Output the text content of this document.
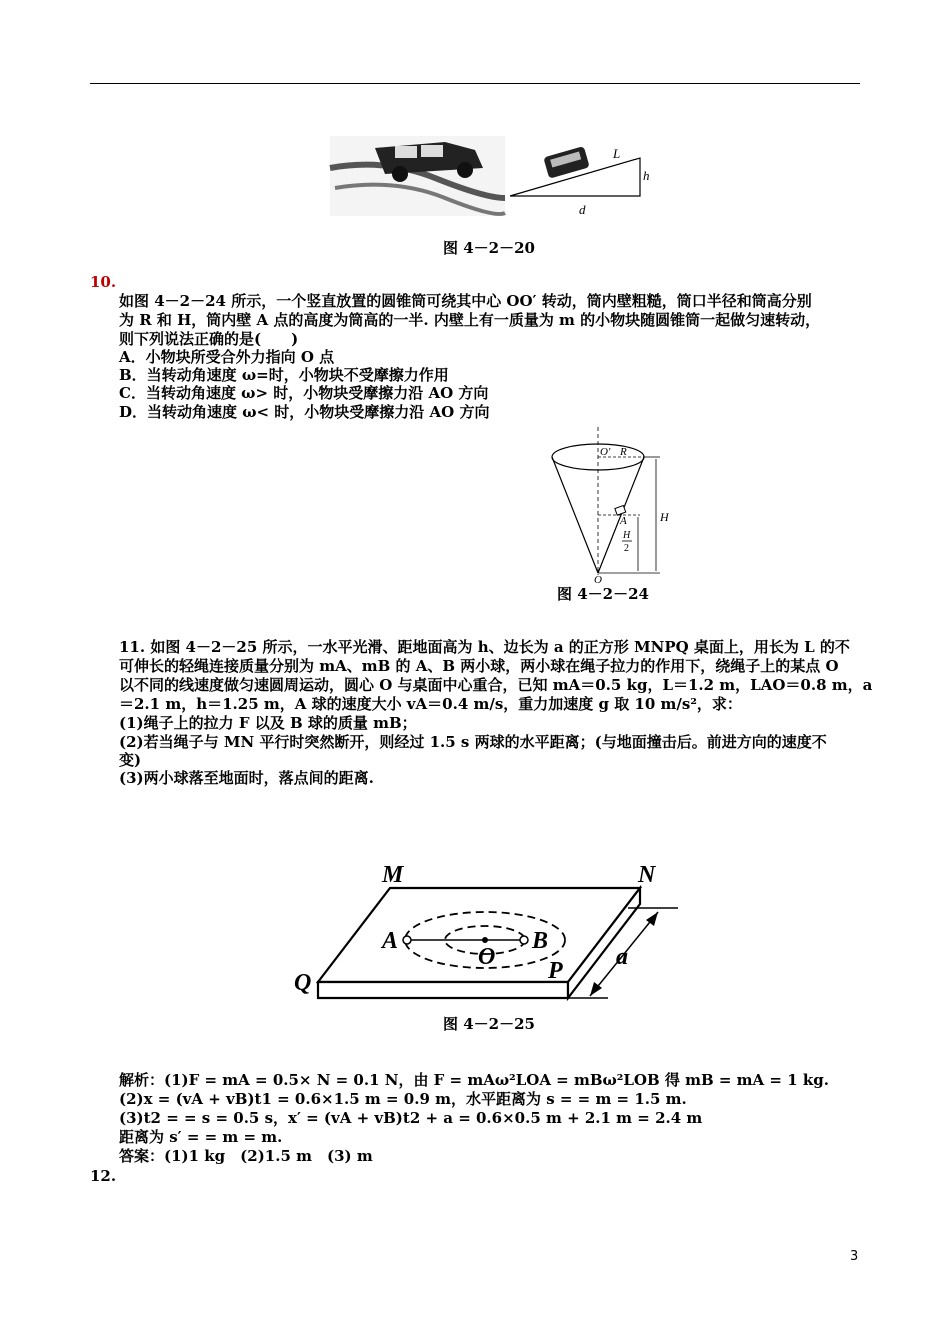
L
h
d
图 4－2－20
10.
如图 4－2－24 所示，一个竖直放置的圆锥筒可绕其中心 OO′ 转动，筒内壁粗糙，筒口半径和筒高分别
为 R 和 H，筒内壁 A 点的高度为筒高的一半. 内壁上有一质量为 m 的小物块随圆锥筒一起做匀速转动，
则下列说法正确的是(　　)
A．小物块所受合外力指向 O 点
B．当转动角速度 ω=时，小物块不受摩擦力作用
C．当转动角速度 ω> 时，小物块受摩擦力沿 AO 方向
D．当转动角速度 ω< 时，小物块受摩擦力沿 AO 方向
O′ R
A	H
H
2
O
图 4－2－24
11. 如图 4－2－25 所示，一水平光滑、距地面高为 h、边长为 a 的正方形 MNPQ 桌面上，用长为 L 的不
可伸长的轻绳连接质量分别为 mA、mB 的 A、B 两小球，两小球在绳子拉力的作用下，绕绳子上的某点 O
以不同的线速度做匀速圆周运动，圆心 O 与桌面中心重合，已知 mA＝0.5 kg，L＝1.2 m，LAO＝0.8 m，a
＝2.1 m，h＝1.25 m，A 球的速度大小 vA＝0.4 m/s，重力加速度 g 取 10 m/s²，求：
(1)绳子上的拉力 F 以及 B 球的质量 mB；
(2)若当绳子与 MN 平行时突然断开，则经过 1.5 s 两球的水平距离；(与地面撞击后。前进方向的速度不
变)
(3)两小球落至地面时，落点间的距离.
M	N
Q	P
A	B
O	a
图 4－2－25
解析：(1)F = mA = 0.5× N = 0.1 N，由 F = mAω²LOA = mBω²LOB 得 mB = mA = 1 kg.
(2)x = (vA + vB)t1 = 0.6×1.5 m = 0.9 m，水平距离为 s = = m = 1.5 m.
(3)t2 = = s = 0.5 s，x′ = (vA + vB)t2 + a = 0.6×0.5 m + 2.1 m = 2.4 m
距离为 s′ = = m = m.
答案：(1)1 kg　(2)1.5 m　(3) m
12.
3
